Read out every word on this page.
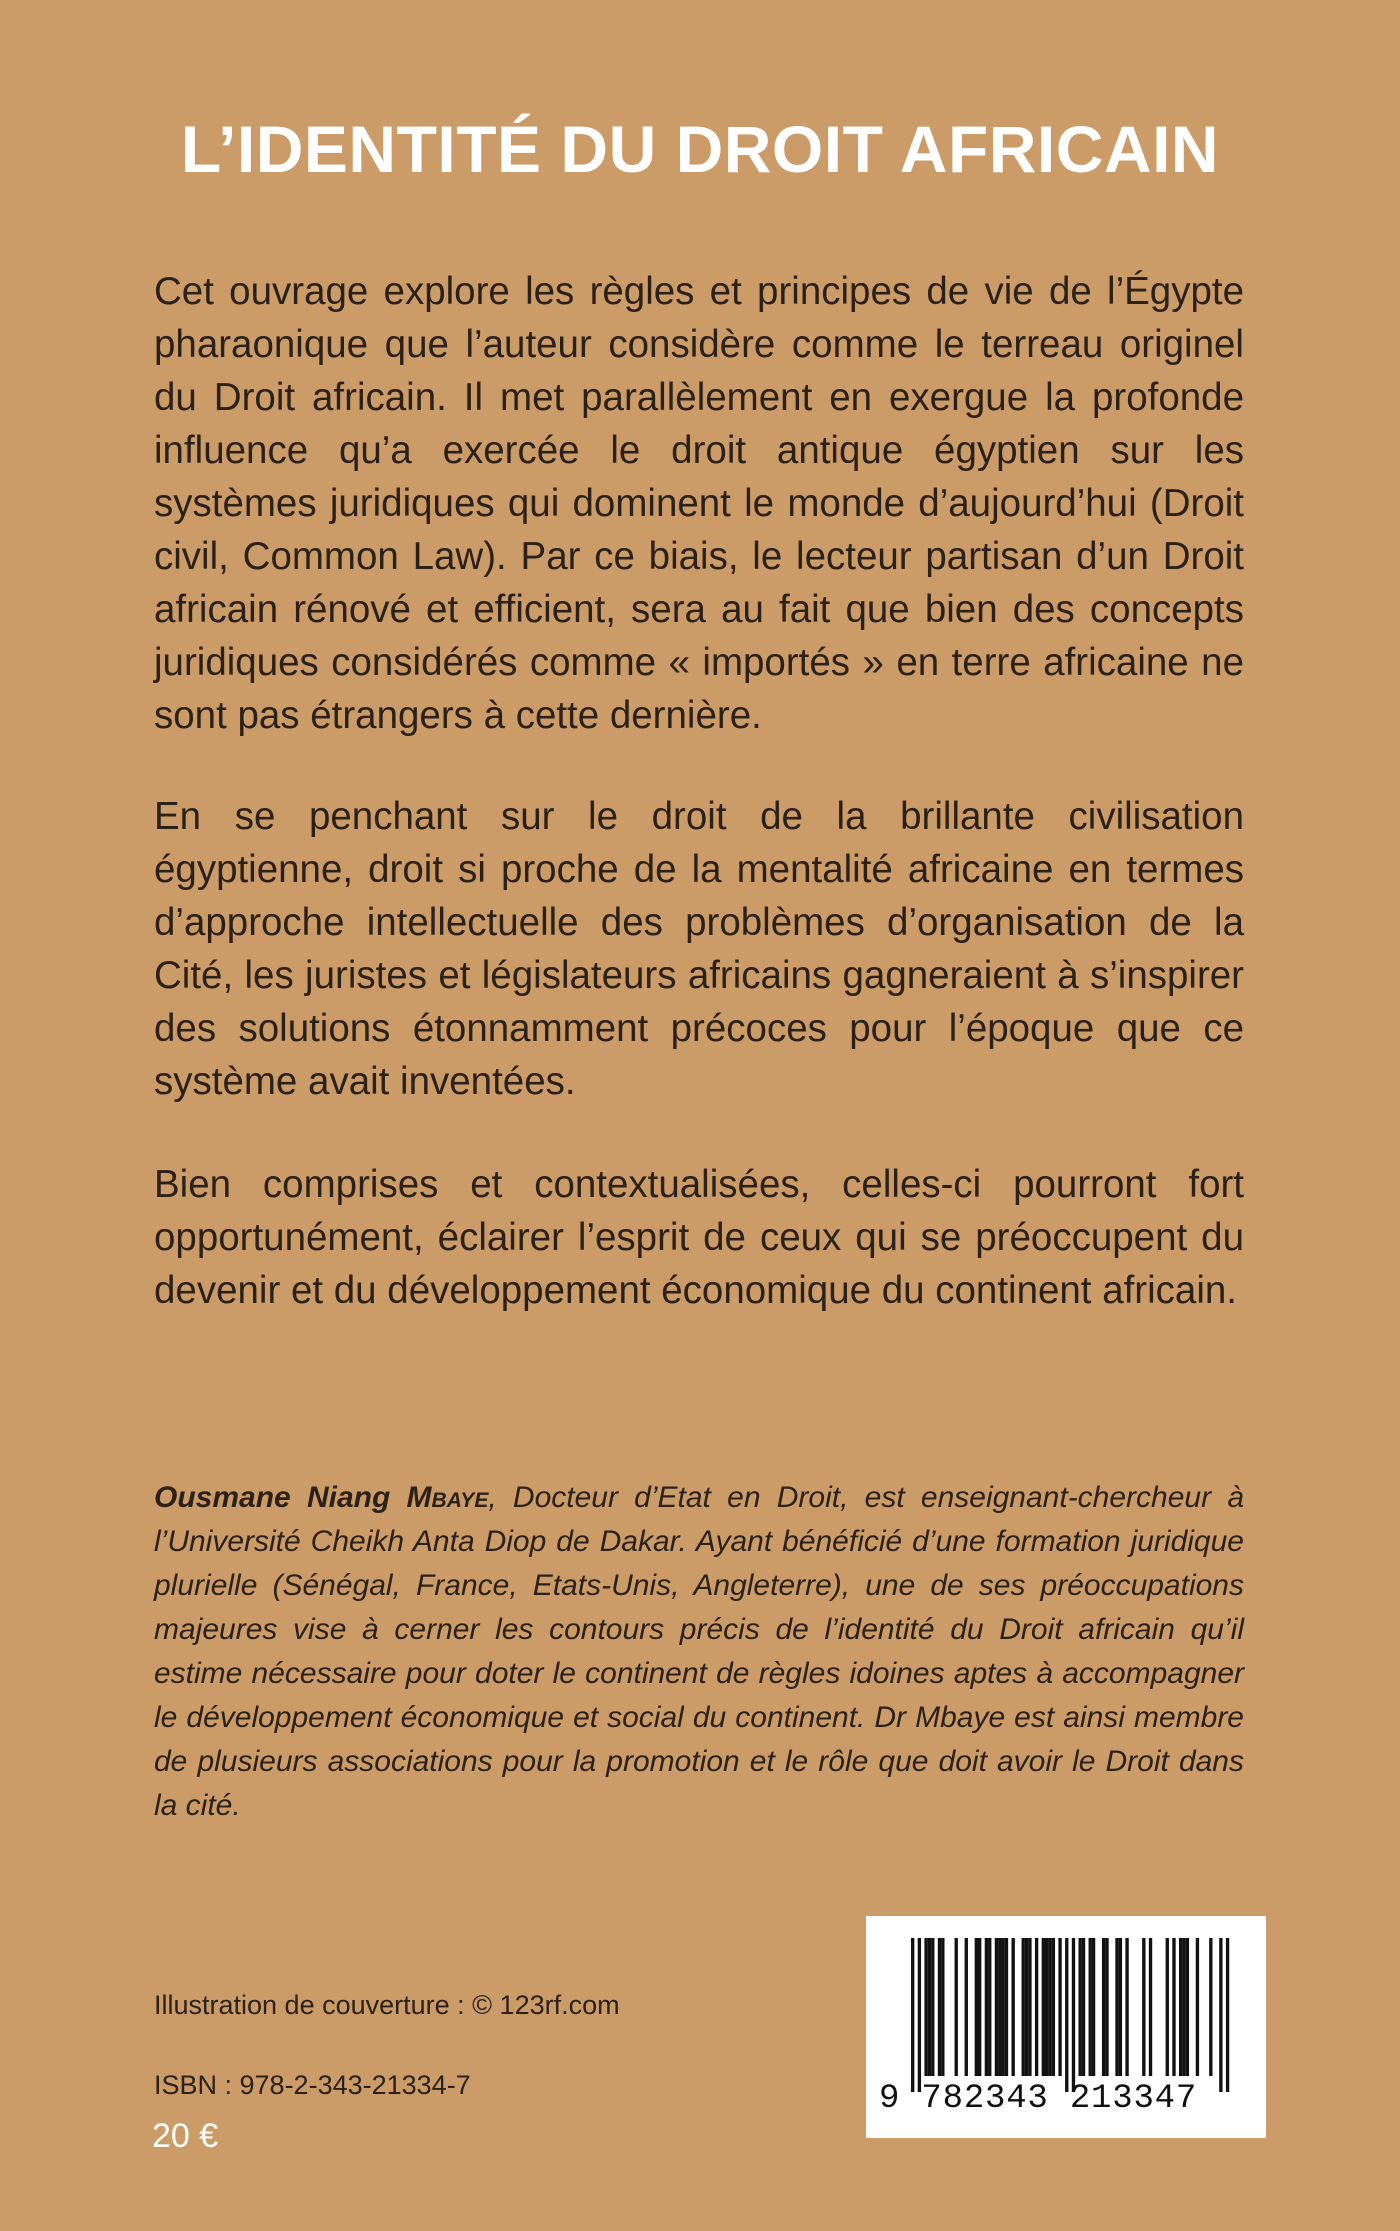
L’IDENTITÉ DU DROIT AFRICAIN

Cet ouvrage explore les règles et principes de vie de l’Égypte pharaonique que l’auteur considère comme le terreau originel du Droit africain. Il met parallèlement en exergue la profonde influence qu’a exercée le droit antique égyptien sur les systèmes juridiques qui dominent le monde d’aujourd’hui (Droit civil, Common Law). Par ce biais, le lecteur partisan d’un Droit africain rénové et efficient, sera au fait que bien des concepts juridiques considérés comme « importés » en terre africaine ne sont pas étrangers à cette dernière.

En se penchant sur le droit de la brillante civilisation égyptienne, droit si proche de la mentalité africaine en termes d’approche intellectuelle des problèmes d’organisation de la Cité, les juristes et législateurs africains gagneraient à s’inspirer des solutions étonnamment précoces pour l’époque que ce système avait inventées.

Bien comprises et contextualisées, celles-ci pourront fort opportunément, éclairer l’esprit de ceux qui se préoccupent du devenir et du développement économique du continent africain.

Ousmane Niang Mbaye, Docteur d’Etat en Droit, est enseignant-chercheur à l’Université Cheikh Anta Diop de Dakar. Ayant bénéficié d’une formation juridique plurielle (Sénégal, France, Etats-Unis, Angleterre), une de ses préoccupations majeures vise à cerner les contours précis de l’identité du Droit africain qu’il estime nécessaire pour doter le continent de règles idoines aptes à accompagner le développement économique et social du continent. Dr Mbaye est ainsi membre de plusieurs associations pour la promotion et le rôle que doit avoir le Droit dans la cité.

Illustration de couverture : © 123rf.com
ISBN : 978-2-343-21334-7
20 €
9 782343 213347
